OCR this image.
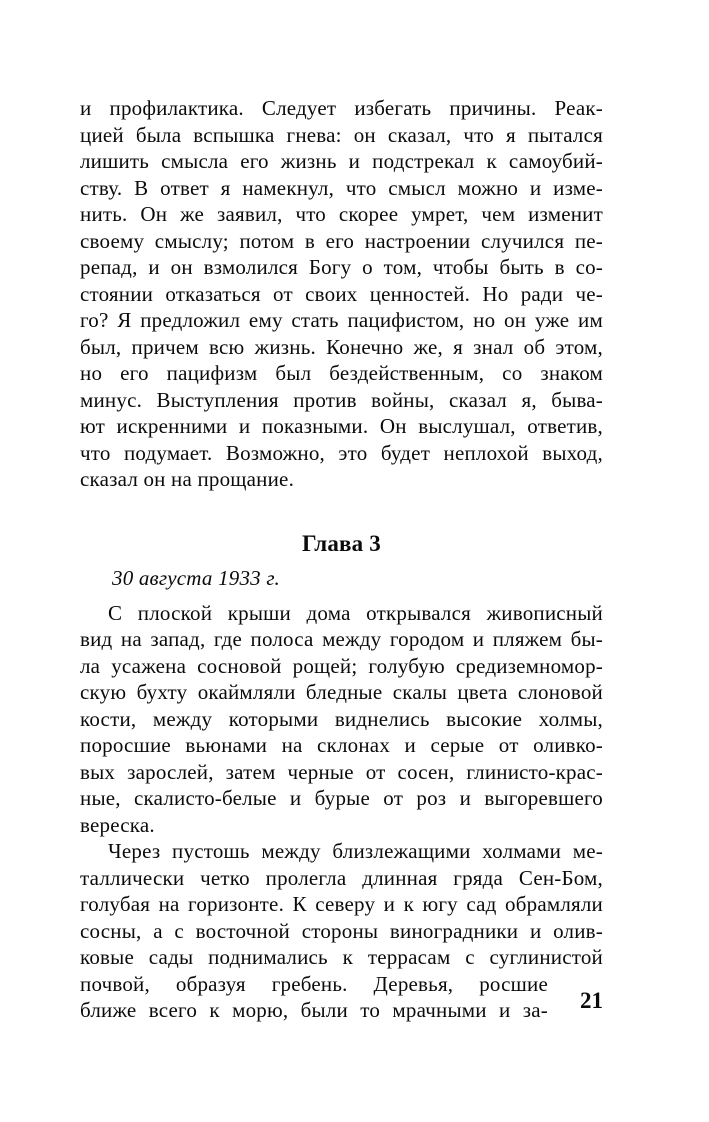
и профилактика. Следует избегать причины. Реак-
цией была вспышка гнева: он сказал, что я пытался
лишить смысла его жизнь и подстрекал к самоубий-
ству. В ответ я намекнул, что смысл можно и изме-
нить. Он же заявил, что скорее умрет, чем изменит
своему смыслу; потом в его настроении случился пе-
репад, и он взмолился Богу о том, чтобы быть в со-
стоянии отказаться от своих ценностей. Но ради че-
го? Я предложил ему стать пацифистом, но он уже им
был, причем всю жизнь. Конечно же, я знал об этом,
но его пацифизм был бездейственным, со знаком
минус. Выступления против войны, сказал я, быва-
ют искренними и показными. Он выслушал, ответив,
что подумает. Возможно, это будет неплохой выход,
сказал он на прощание.
Глава 3
30 августа 1933 г.
С плоской крыши дома открывался живописный
вид на запад, где полоса между городом и пляжем бы-
ла усажена сосновой рощей; голубую средиземномор-
скую бухту окаймляли бледные скалы цвета слоновой
кости, между которыми виднелись высокие холмы,
поросшие вьюнами на склонах и серые от оливко-
вых зарослей, затем черные от сосен, глинисто-крас-
ные, скалисто-белые и бурые от роз и выгоревшего
вереска.
Через пустошь между близлежащими холмами ме-
таллически четко пролегла длинная гряда Сен-Бом,
голубая на горизонте. К северу и к югу сад обрамляли
сосны, а с восточной стороны виноградники и олив-
ковые сады поднимались к террасам с суглинистой
почвой, образуя гребень. Деревья, росшие
ближе всего к морю, были то мрачными и за- 21
